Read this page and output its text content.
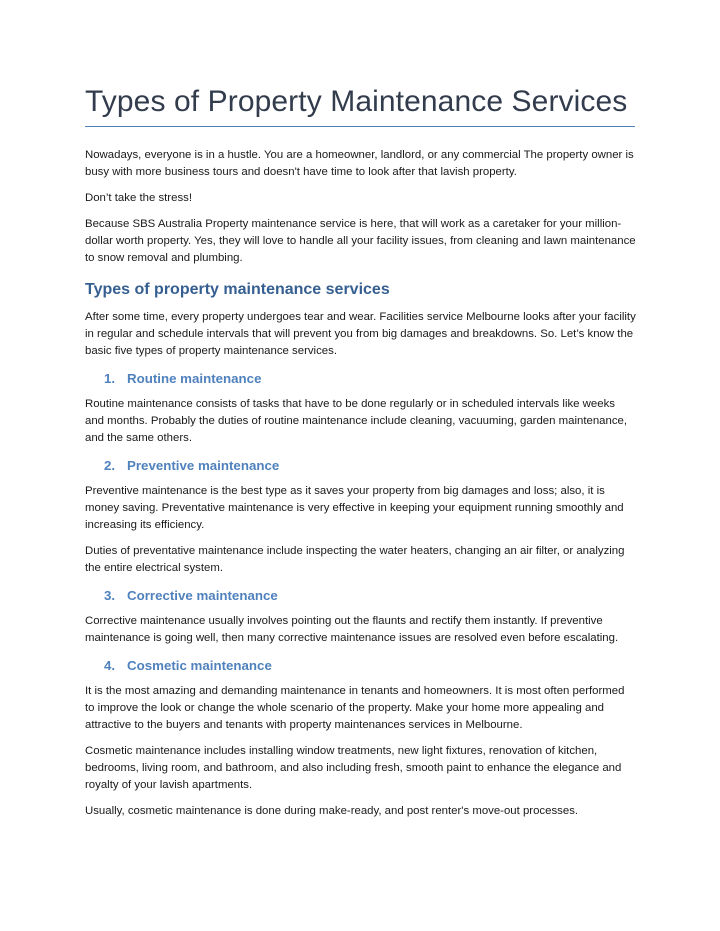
Types of Property Maintenance Services

Nowadays, everyone is in a hustle. You are a homeowner, landlord, or any commercial The property owner is busy with more business tours and doesn't have time to look after that lavish property.

Don’t take the stress!

Because SBS Australia Property maintenance service is here, that will work as a caretaker for your million-dollar worth property. Yes, they will love to handle all your facility issues, from cleaning and lawn maintenance to snow removal and plumbing.

Types of property maintenance services

After some time, every property undergoes tear and wear. Facilities service Melbourne looks after your facility in regular and schedule intervals that will prevent you from big damages and breakdowns. So. Let’s know the basic five types of property maintenance services.

1. Routine maintenance

Routine maintenance consists of tasks that have to be done regularly or in scheduled intervals like weeks and months. Probably the duties of routine maintenance include cleaning, vacuuming, garden maintenance, and the same others.

2. Preventive maintenance

Preventive maintenance is the best type as it saves your property from big damages and loss; also, it is money saving. Preventative maintenance is very effective in keeping your equipment running smoothly and increasing its efficiency.

Duties of preventative maintenance include inspecting the water heaters, changing an air filter, or analyzing the entire electrical system.

3. Corrective maintenance

Corrective maintenance usually involves pointing out the flaunts and rectify them instantly. If preventive maintenance is going well, then many corrective maintenance issues are resolved even before escalating.

4. Cosmetic maintenance

It is the most amazing and demanding maintenance in tenants and homeowners. It is most often performed to improve the look or change the whole scenario of the property. Make your home more appealing and attractive to the buyers and tenants with property maintenances services in Melbourne.

Cosmetic maintenance includes installing window treatments, new light fixtures, renovation of kitchen, bedrooms, living room, and bathroom, and also including fresh, smooth paint to enhance the elegance and royalty of your lavish apartments.

Usually, cosmetic maintenance is done during make-ready, and post renter's move-out processes.
